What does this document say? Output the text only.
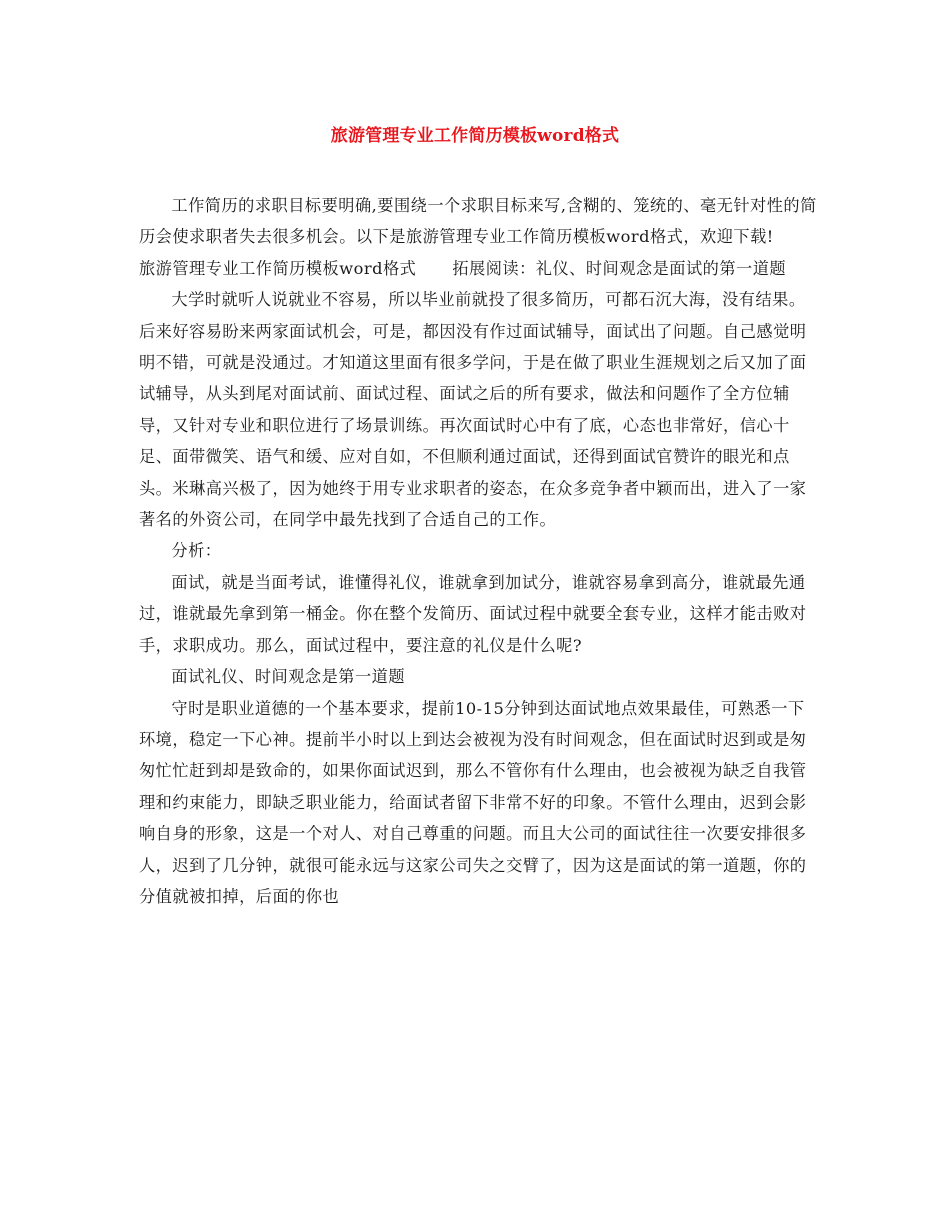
旅游管理专业工作简历模板word格式

工作简历的求职目标要明确,要围绕一个求职目标来写,含糊的、笼统的、毫无针对性的简历会使求职者失去很多机会。以下是旅游管理专业工作简历模板word格式，欢迎下载!

旅游管理专业工作简历模板word格式 拓展阅读：礼仪、时间观念是面试的第一道题

大学时就听人说就业不容易，所以毕业前就投了很多简历，可都石沉大海，没有结果。后来好容易盼来两家面试机会，可是，都因没有作过面试辅导，面试出了问题。自己感觉明明不错，可就是没通过。才知道这里面有很多学问，于是在做了职业生涯规划之后又加了面试辅导，从头到尾对面试前、面试过程、面试之后的所有要求，做法和问题作了全方位辅导，又针对专业和职位进行了场景训练。再次面试时心中有了底，心态也非常好，信心十足、面带微笑、语气和缓、应对自如，不但顺利通过面试，还得到面试官赞许的眼光和点头。米琳高兴极了，因为她终于用专业求职者的姿态，在众多竞争者中颖而出，进入了一家著名的外资公司，在同学中最先找到了合适自己的工作。

分析：

面试，就是当面考试，谁懂得礼仪，谁就拿到加试分，谁就容易拿到高分，谁就最先通过，谁就最先拿到第一桶金。你在整个发简历、面试过程中就要全套专业，这样才能击败对手，求职成功。那么，面试过程中，要注意的礼仪是什么呢?

面试礼仪、时间观念是第一道题

守时是职业道德的一个基本要求，提前10-15分钟到达面试地点效果最佳，可熟悉一下环境，稳定一下心神。提前半小时以上到达会被视为没有时间观念，但在面试时迟到或是匆匆忙忙赶到却是致命的，如果你面试迟到，那么不管你有什么理由，也会被视为缺乏自我管理和约束能力，即缺乏职业能力，给面试者留下非常不好的印象。不管什么理由，迟到会影响自身的形象，这是一个对人、对自己尊重的问题。而且大公司的面试往往一次要安排很多人，迟到了几分钟，就很可能永远与这家公司失之交臂了，因为这是面试的第一道题，你的分值就被扣掉，后面的你也
